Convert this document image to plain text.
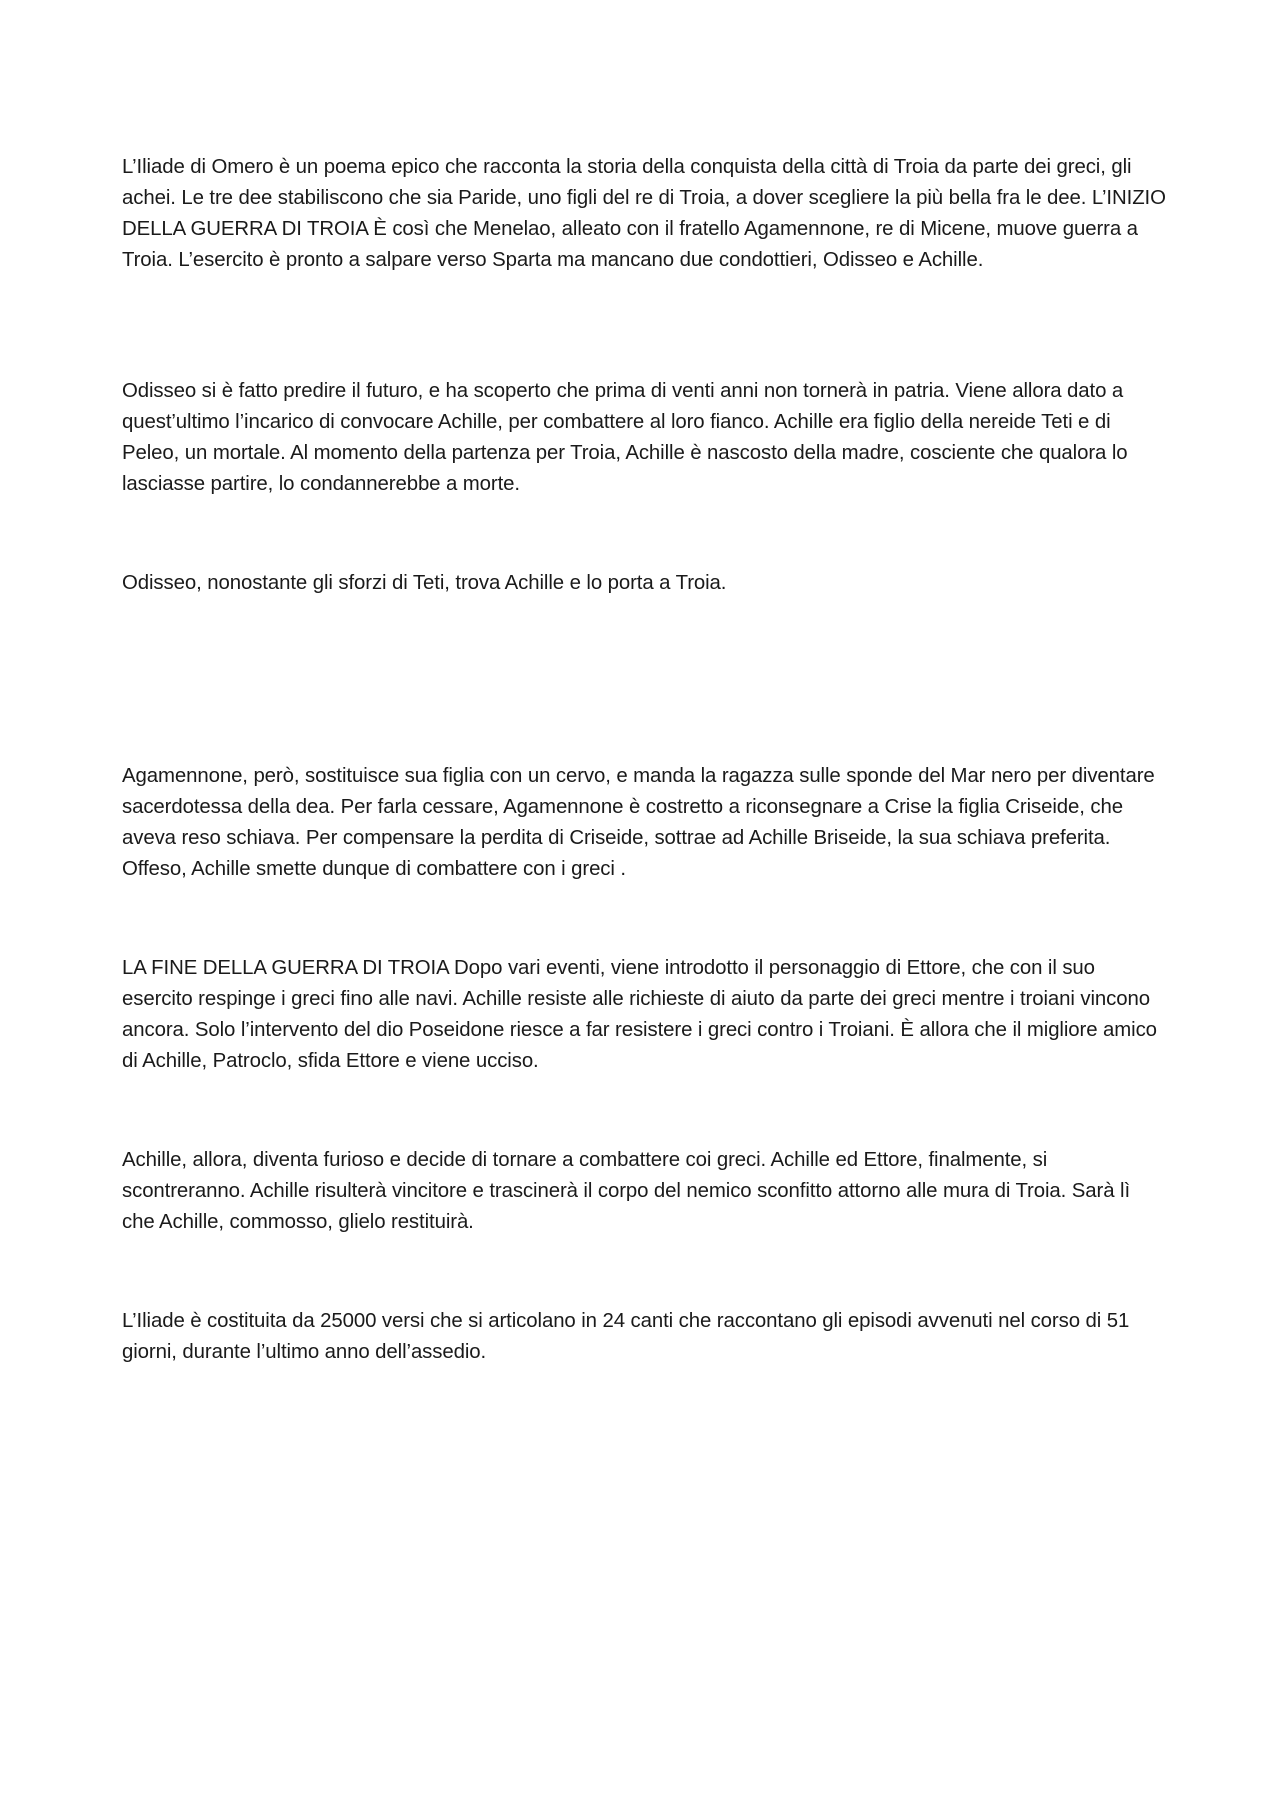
L’Iliade di Omero è un poema epico che racconta la storia della conquista della città di Troia da parte dei greci, gli achei. Le tre dee stabiliscono che sia Paride, uno figli del re di Troia, a dover scegliere la più bella fra le dee. L’INIZIO DELLA GUERRA DI TROIA È così che Menelao, alleato con il fratello Agamennone, re di Micene, muove guerra a Troia. L’esercito è pronto a salpare verso Sparta ma mancano due condottieri, Odisseo e Achille.

Odisseo si è fatto predire il futuro, e ha scoperto che prima di venti anni non tornerà in patria. Viene allora dato a quest’ultimo l’incarico di convocare Achille, per combattere al loro fianco. Achille era figlio della nereide Teti e di Peleo, un mortale. Al momento della partenza per Troia, Achille è nascosto della madre, cosciente che qualora lo lasciasse partire, lo condannerebbe a morte.

Odisseo, nonostante gli sforzi di Teti, trova Achille e lo porta a Troia.

Agamennone, però, sostituisce sua figlia con un cervo, e manda la ragazza sulle sponde del Mar nero per diventare sacerdotessa della dea. Per farla cessare, Agamennone è costretto a riconsegnare a Crise la figlia Criseide, che aveva reso schiava. Per compensare la perdita di Criseide, sottrae ad Achille Briseide, la sua schiava preferita. Offeso, Achille smette dunque di combattere con i greci .

LA FINE DELLA GUERRA DI TROIA Dopo vari eventi, viene introdotto il personaggio di Ettore, che con il suo esercito respinge i greci fino alle navi. Achille resiste alle richieste di aiuto da parte dei greci mentre i troiani vincono ancora. Solo l’intervento del dio Poseidone riesce a far resistere i greci contro i Troiani. È allora che il migliore amico di Achille, Patroclo, sfida Ettore e viene ucciso.

Achille, allora, diventa furioso e decide di tornare a combattere coi greci. Achille ed Ettore, finalmente, si scontreranno. Achille risulterà vincitore e trascinerà il corpo del nemico sconfitto attorno alle mura di Troia. Sarà lì che Achille, commosso, glielo restituirà.

L’Iliade è costituita da 25000 versi che si articolano in 24 canti che raccontano gli episodi avvenuti nel corso di 51 giorni, durante l’ultimo anno dell’assedio.
